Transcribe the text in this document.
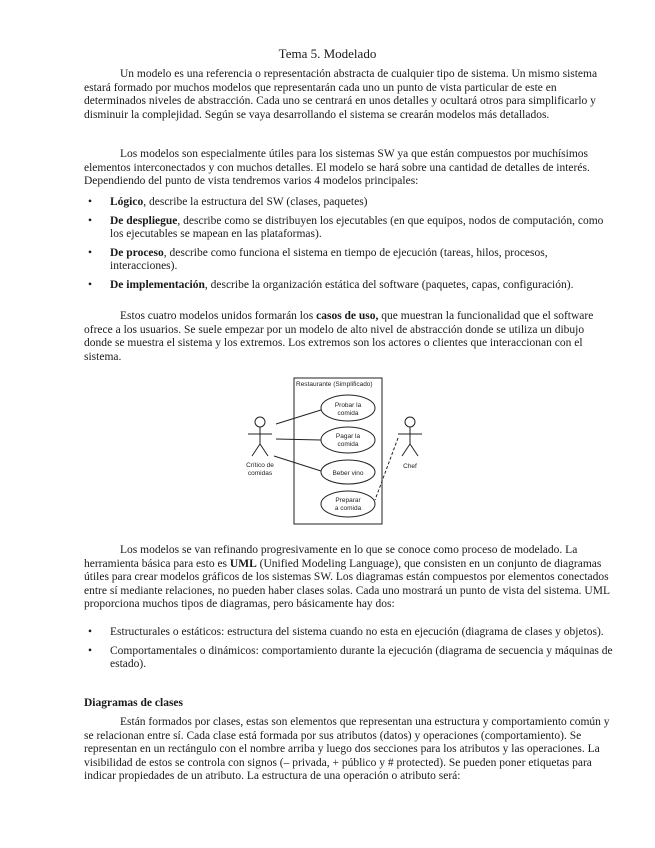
Tema 5. Modelado

Un modelo es una referencia o representación abstracta de cualquier tipo de sistema. Un mismo sistema estará formado por muchos modelos que representarán cada uno un punto de vista particular de este en determinados niveles de abstracción. Cada uno se centrará en unos detalles y ocultará otros para simplificarlo y disminuir la complejidad. Según se vaya desarrollando el sistema se crearán modelos más detallados.

Los modelos son especialmente útiles para los sistemas SW ya que están compuestos por muchísimos elementos interconectados y con muchos detalles. El modelo se hará sobre una cantidad de detalles de interés. Dependiendo del punto de vista tendremos varios 4 modelos principales:

• Lógico, describe la estructura del SW (clases, paquetes)
• De despliegue, describe como se distribuyen los ejecutables (en que equipos, nodos de computación, como los ejecutables se mapean en las plataformas).
• De proceso, describe como funciona el sistema en tiempo de ejecución (tareas, hilos, procesos, interacciones).
• De implementación, describe la organización estática del software (paquetes, capas, configuración).

Estos cuatro modelos unidos formarán los casos de uso, que muestran la funcionalidad que el software ofrece a los usuarios. Se suele empezar por un modelo de alto nivel de abstracción donde se utiliza un dibujo donde se muestra el sistema y los extremos. Los extremos son los actores o clientes que interaccionan con el sistema.

Restaurante (Simplificado)
Crítico de
comidas
Chef
Probar la
comida
Pagar la
comida
Beber vino
Preparar
a comida

Los modelos se van refinando progresivamente en lo que se conoce como proceso de modelado. La herramienta básica para esto es UML (Unified Modeling Language), que consisten en un conjunto de diagramas útiles para crear modelos gráficos de los sistemas SW. Los diagramas están compuestos por elementos conectados entre sí mediante relaciones, no pueden haber clases solas. Cada uno mostrará un punto de vista del sistema. UML proporciona muchos tipos de diagramas, pero básicamente hay dos:

• Estructurales o estáticos: estructura del sistema cuando no esta en ejecución (diagrama de clases y objetos).
• Comportamentales o dinámicos: comportamiento durante la ejecución (diagrama de secuencia y máquinas de estado).
Diagramas de clases

Están formados por clases, estas son elementos que representan una estructura y comportamiento común y se relacionan entre sí. Cada clase está formada por sus atributos (datos) y operaciones (comportamiento). Se representan en un rectángulo con el nombre arriba y luego dos secciones para los atributos y las operaciones. La visibilidad de estos se controla con signos (– privada, + público y # protected). Se pueden poner etiquetas para indicar propiedades de un atributo. La estructura de una operación o atributo será:
